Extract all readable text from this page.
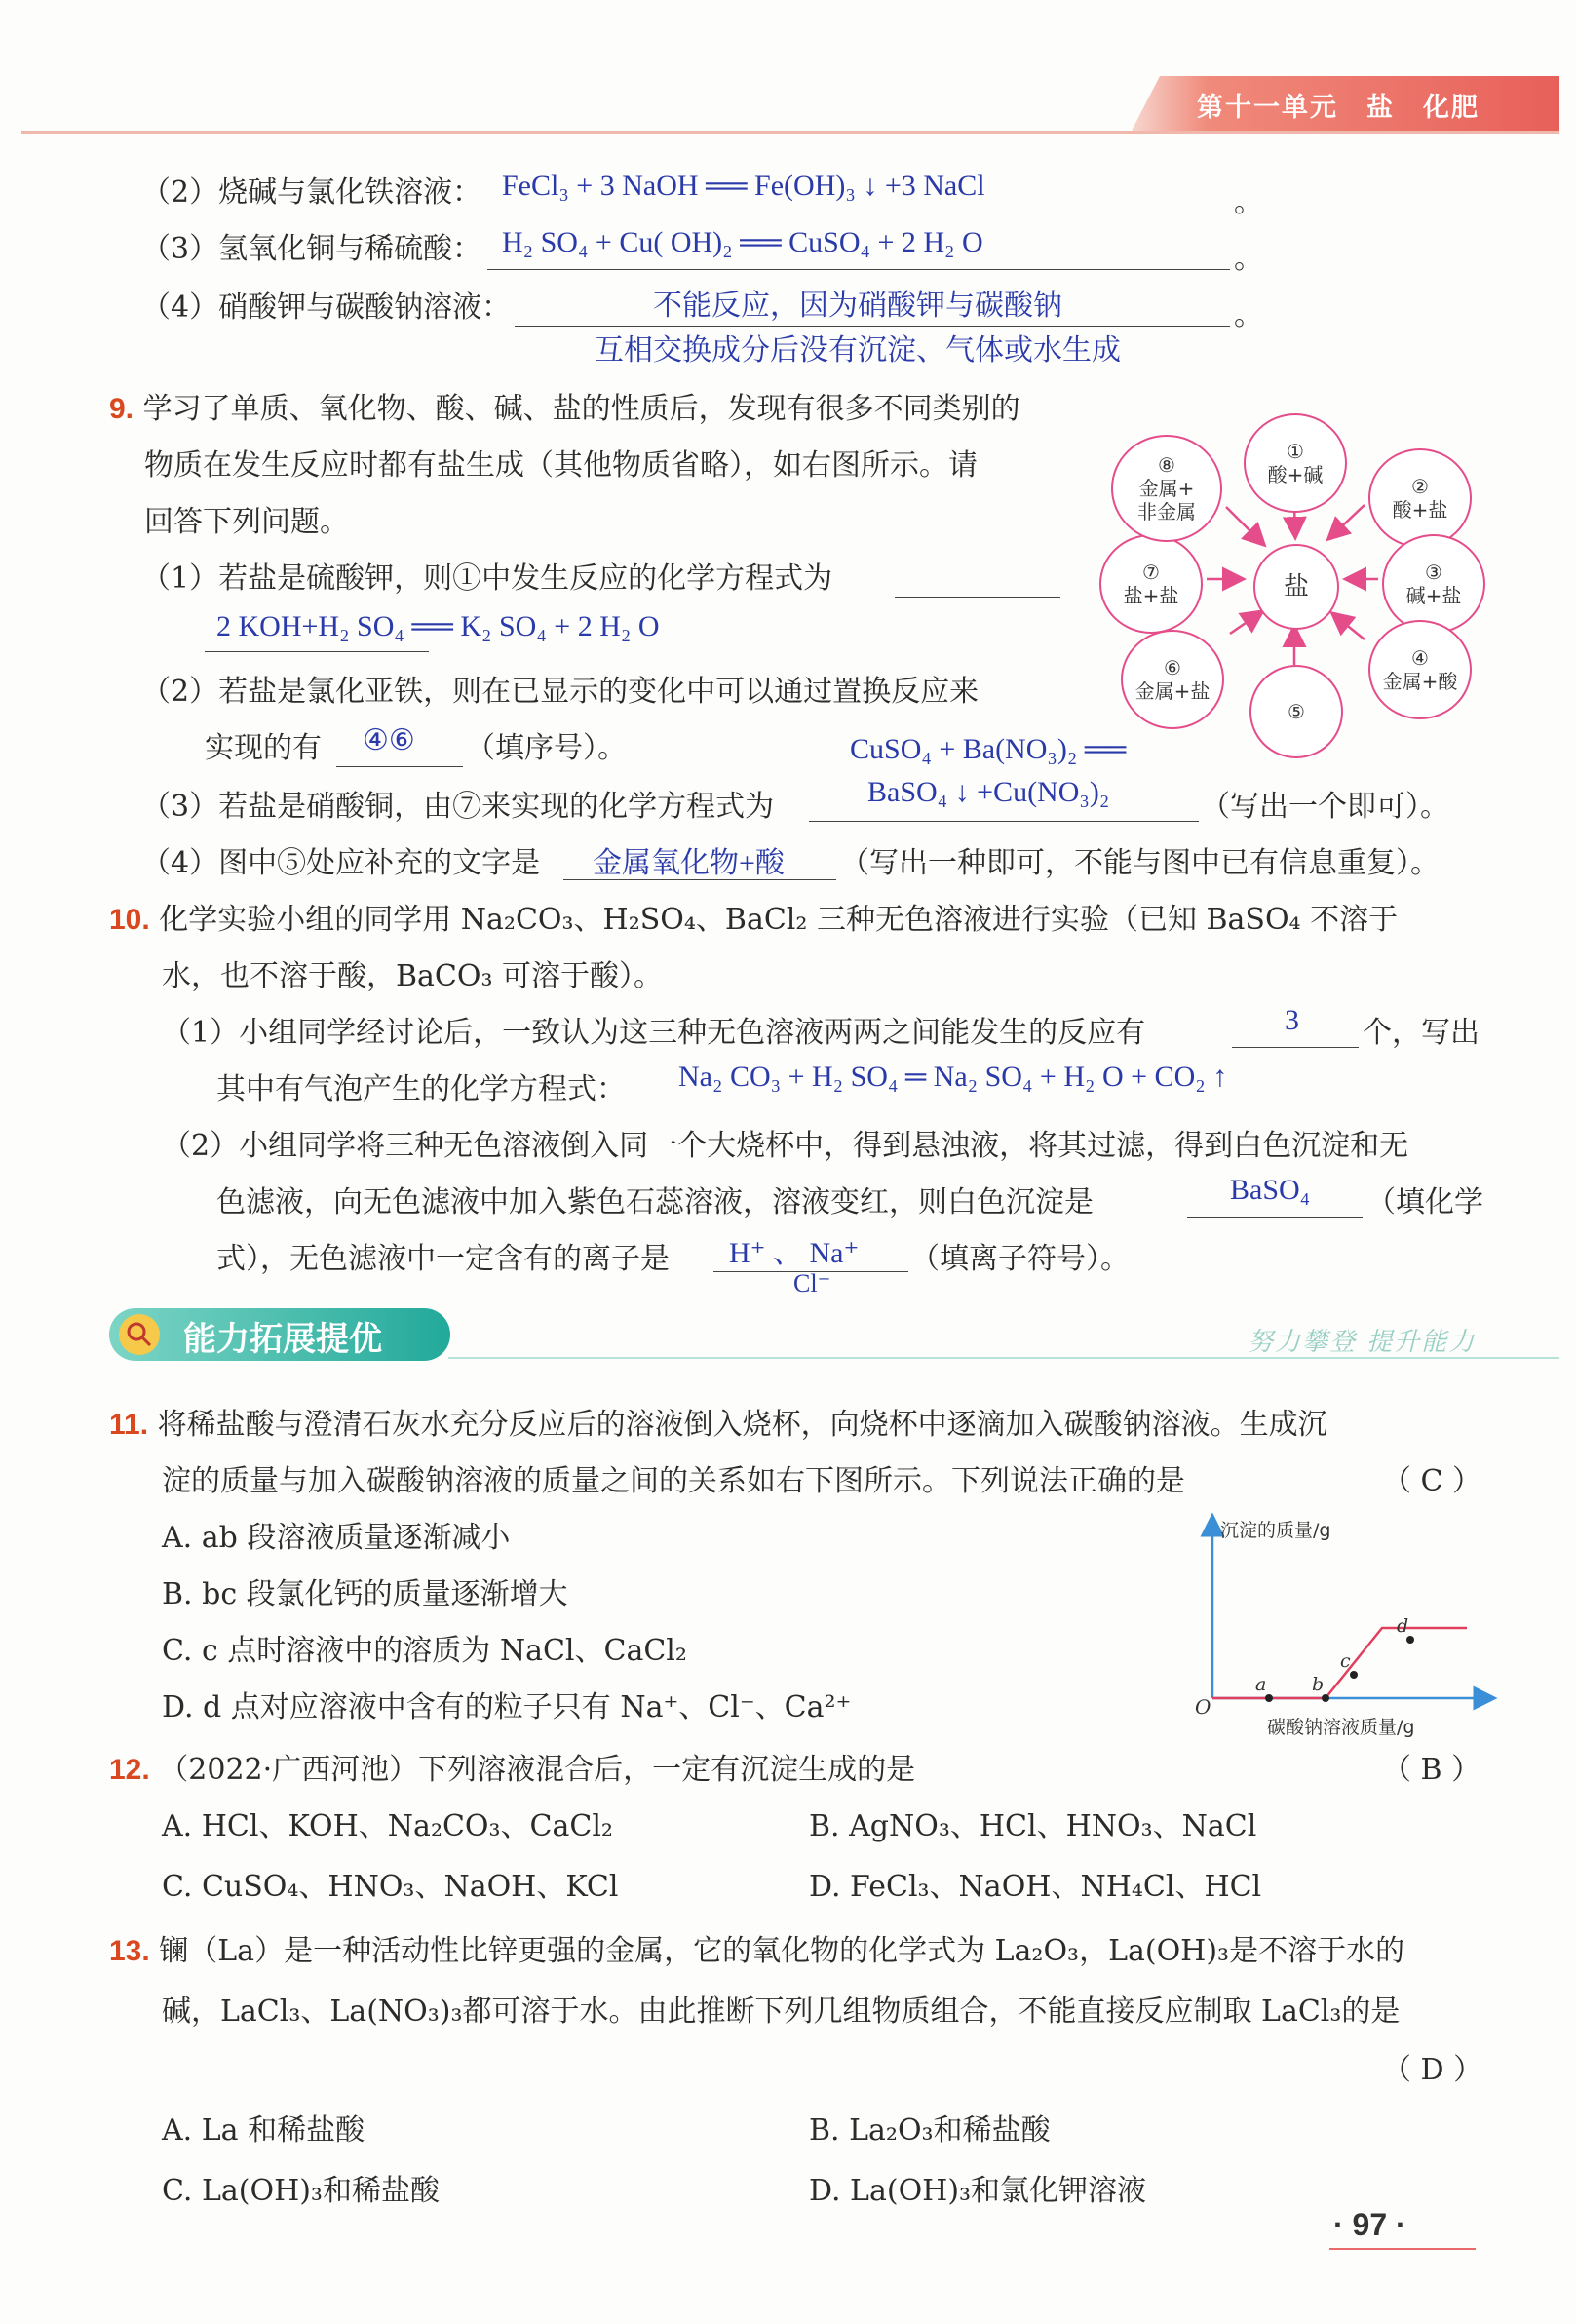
第十一单元　盐　化肥
（2）烧碱与氯化铁溶液： FeCl₃ + 3 NaOH ══ Fe(OH)₃ ↓ +3 NaCl	。
（3）氢氧化铜与稀硫酸： H₂ SO₄ + Cu( OH)₂ ══ CuSO₄ + 2 H₂ O	。
（4）硝酸钾与碳酸钠溶液：	不能反应，因为硝酸钾与碳酸钠	。
互相交换成分后没有沉淀、气体或水生成
9. 学习了单质、氧化物、酸、碱、盐的性质后，发现有很多不同类别的
物质在发生反应时都有盐生成（其他物质省略），如右图所示。请
回答下列问题。
（1）若盐是硫酸钾，则①中发生反应的化学方程式为
2 KOH+H₂ SO₄ ══ K₂ SO₄ + 2 H₂ O
（2）若盐是氯化亚铁，则在已显示的变化中可以通过置换反应来
实现的有 ④⑥ （填序号）。	CuSO₄ + Ba(NO₃)₂ ══
（3）若盐是硝酸铜，由⑦来实现的化学方程式为	BaSO₄ ↓ +Cu(NO₃)₂	（写出一个即可）。
（4）图中⑤处应补充的文字是 金属氧化物+酸 （写出一种即可，不能与图中已有信息重复）。
盐
①
酸+碱	②
酸+盐
③
碱+盐
④
金属+酸
⑤
⑥
金属+盐
⑦
盐+盐
⑧
金属+
非金属
10. 化学实验小组的同学用 Na₂CO₃、H₂SO₄、BaCl₂ 三种无色溶液进行实验（已知 BaSO₄ 不溶于
水，也不溶于酸，BaCO₃ 可溶于酸）。
（1）小组同学经讨论后，一致认为这三种无色溶液两两之间能发生的反应有	3 个，写出
其中有气泡产生的化学方程式： Na₂ CO₃ + H₂ SO₄ ═ Na₂ SO₄ + H₂ O + CO₂ ↑
（2）小组同学将三种无色溶液倒入同一个大烧杯中，得到悬浊液，将其过滤，得到白色沉淀和无
色滤液，向无色滤液中加入紫色石蕊溶液，溶液变红，则白色沉淀是	BaSO₄ （填化学
式），无色滤液中一定含有的离子是 H⁺ 、 Na⁺
Cl⁻
（填离子符号）。
能力拓展提优	努力攀登 提升能力
11. 将稀盐酸与澄清石灰水充分反应后的溶液倒入烧杯，向烧杯中逐滴加入碳酸钠溶液。生成沉
淀的质量与加入碳酸钠溶液的质量之间的关系如右下图所示。下列说法正确的是	（ C ）
A. ab 段溶液质量逐渐减小
B. bc 段氯化钙的质量逐渐增大
C. c 点时溶液中的溶质为 NaCl、CaCl₂
D. d 点对应溶液中含有的粒子只有 Na⁺、Cl⁻、Ca²⁺
沉淀的质量/g
碳酸钠溶液质量/g
O
a b
c
d
12. （2022·广西河池）下列溶液混合后，一定有沉淀生成的是	（ B ）
A. HCl、KOH、Na₂CO₃、CaCl₂	B. AgNO₃、HCl、HNO₃、NaCl
C. CuSO₄、HNO₃、NaOH、KCl	D. FeCl₃、NaOH、NH₄Cl、HCl
13. 镧（La）是一种活动性比锌更强的金属，它的氧化物的化学式为 La₂O₃，La(OH)₃是不溶于水的
碱，LaCl₃、La(NO₃)₃都可溶于水。由此推断下列几组物质组合，不能直接反应制取 LaCl₃的是
（ D ）
A. La 和稀盐酸	B. La₂O₃和稀盐酸
C. La(OH)₃和稀盐酸	D. La(OH)₃和氯化钾溶液
· 97 ·
